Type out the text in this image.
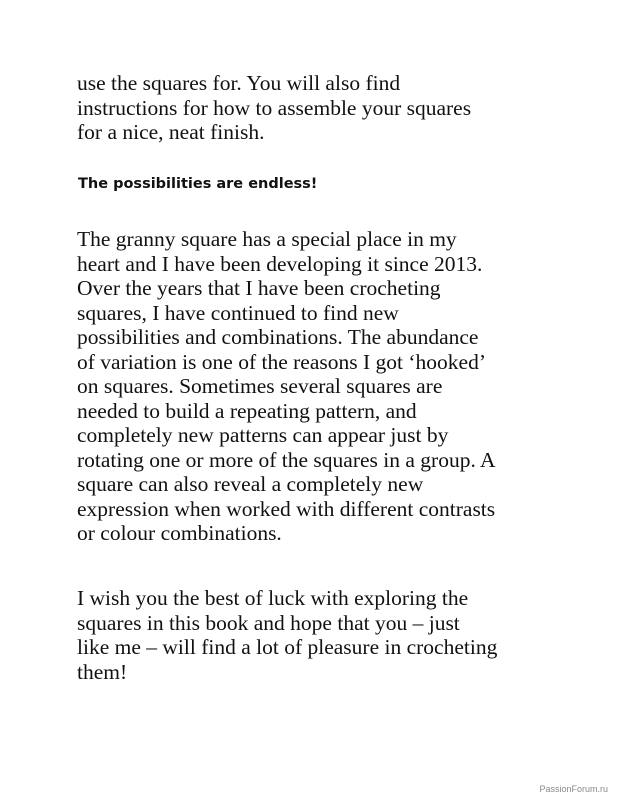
use the squares for. You will also find
instructions for how to assemble your squares
for a nice, neat finish.
The possibilities are endless!
The granny square has a special place in my
heart and I have been developing it since 2013.
Over the years that I have been crocheting
squares, I have continued to find new
possibilities and combinations. The abundance
of variation is one of the reasons I got ‘hooked’
on squares. Sometimes several squares are
needed to build a repeating pattern, and
completely new patterns can appear just by
rotating one or more of the squares in a group. A
square can also reveal a completely new
expression when worked with different contrasts
or colour combinations.
I wish you the best of luck with exploring the
squares in this book and hope that you – just
like me – will find a lot of pleasure in crocheting
them!
PassionForum.ru
